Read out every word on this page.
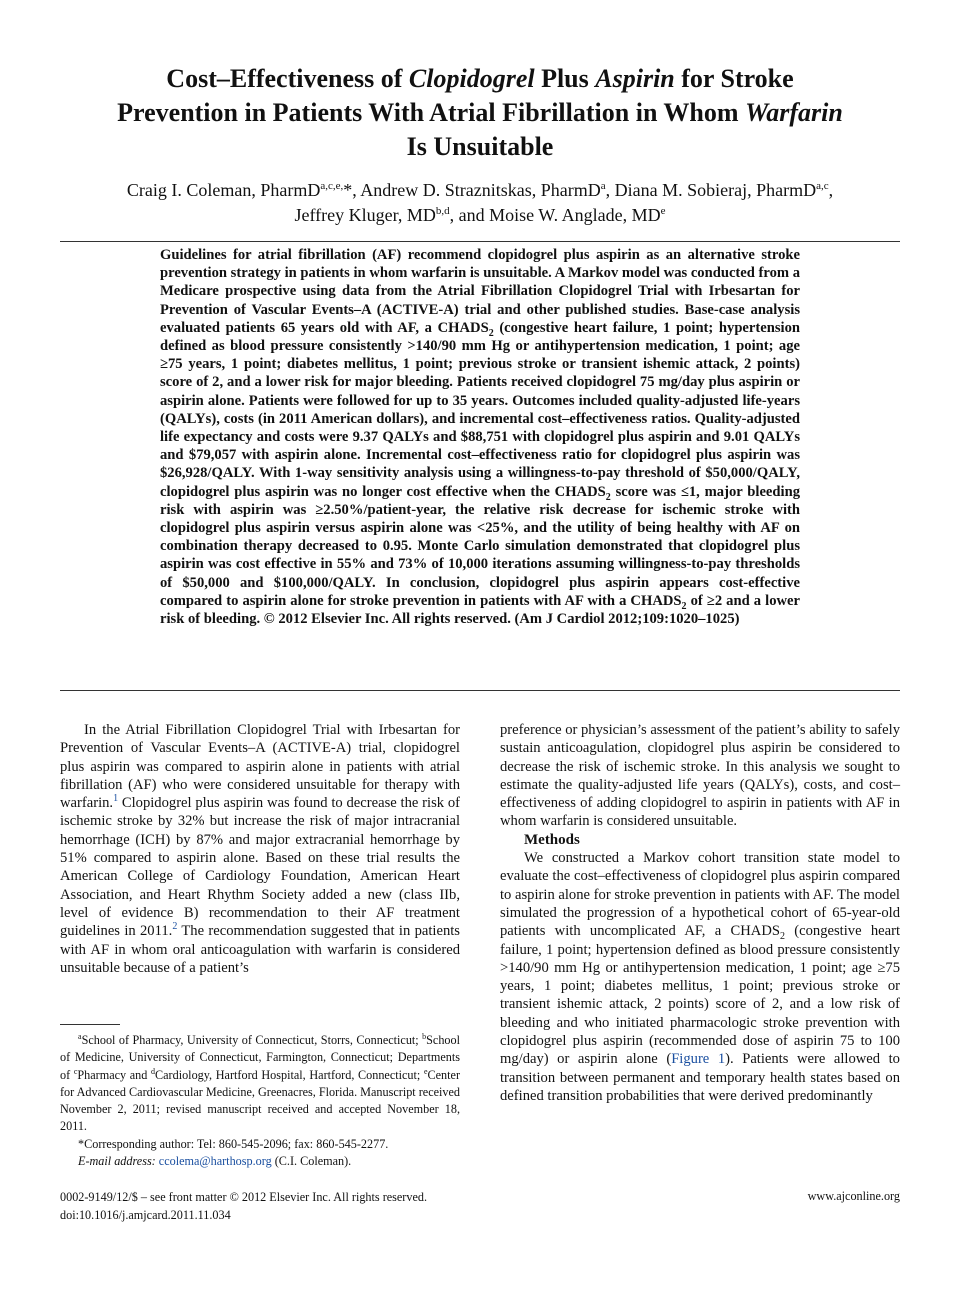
Cost–Effectiveness of Clopidogrel Plus Aspirin for Stroke
Prevention in Patients With Atrial Fibrillation in Whom Warfarin
Is Unsuitable
Craig I. Coleman, PharmD$^{a,c,e,}$*, Andrew D. Straznitskas, PharmD$^a$, Diana M. Sobieraj, PharmD$^{a,c}$,
Jeffrey Kluger, MD$^{b,d}$, and Moise W. Anglade, MDe

Guidelines for atrial fibrillation (AF) recommend clopidogrel plus aspirin as an alternative stroke prevention strategy in patients in whom warfarin is unsuitable. A Markov model was conducted from a Medicare prospective using data from the Atrial Fibrillation Clopidogrel Trial with Irbesartan for Prevention of Vascular Events–A (ACTIVE-A) trial and other published studies. Base-case analysis evaluated patients 65 years old with AF, a $CHADS_2$ (congestive heart failure, 1 point; hypertension defined as blood pressure consistently >140/90 mm Hg or antihypertension medication, 1 point; age ≥75 years, 1 point; diabetes mellitus, 1 point; previous stroke or transient ishemic attack, 2 points) score of 2, and a lower risk for major bleeding. Patients received clopidogrel 75 mg/day plus aspirin or aspirin alone. Patients were followed for up to 35 years. Outcomes included quality-adjusted life-years (QALYs), costs (in 2011 American dollars), and incremental cost–effectiveness ratios. Quality-adjusted life expectancy and costs were 9.37 QALYs and $88,751 with clopidogrel plus aspirin and 9.01 QALYs and $79,057 with aspirin alone. Incremental cost–effectiveness ratio for clopidogrel plus aspirin was $26,928/QALY. With 1-way sensitivity analysis using a willingness-to-pay threshold of $50,000/QALY, clopidogrel plus aspirin was no longer cost effective when the $CHADS_2$ score was ≤1, major bleeding risk with aspirin was ≥2.50%/patient-year, the relative risk decrease for ischemic stroke with clopidogrel plus aspirin versus aspirin alone was <25%, and the utility of being healthy with AF on combination therapy decreased to 0.95. Monte Carlo simulation demonstrated that clopidogrel plus aspirin was cost effective in 55% and 73% of 10,000 iterations assuming willingness-to-pay thresholds of $50,000 and $100,000/QALY. In conclusion, clopidogrel plus aspirin appears cost-effective compared to aspirin alone for stroke prevention in patients with AF with a $CHADS_2$ of ≥2 and a lower risk of bleeding. © 2012 Elsevier Inc. All rights reserved. (Am J Cardiol 2012;109:1020–1025)

In the Atrial Fibrillation Clopidogrel Trial with Irbesartan for Prevention of Vascular Events–A (ACTIVE-A) trial, clopidogrel plus aspirin was compared to aspirin alone in patients with atrial fibrillation (AF) who were considered unsuitable for therapy with warfarin.$^1$ Clopidogrel plus aspirin was found to decrease the risk of ischemic stroke by 32% but increase the risk of major intracranial hemorrhage (ICH) by 87% and major extracranial hemorrhage by 51% compared to aspirin alone. Based on these trial results the American College of Cardiology Foundation, American Heart Association, and Heart Rhythm Society added a new (class IIb, level of evidence B) recommendation to their AF treatment guidelines in 2011.$^2$ The recommendation suggested that in patients with AF in whom oral anticoagulation with warfarin is considered unsuitable because of a patient’s

$^a$School of Pharmacy, University of Connecticut, Storrs, Connecticut; $^b$School of Medicine, University of Connecticut, Farmington, Connecticut; Departments of $^c$Pharmacy and $^d$Cardiology, Hartford Hospital, Hartford, Connecticut; $^e$Center for Advanced Cardiovascular Medicine, Greenacres, Florida. Manuscript received November 2, 2011; revised manuscript received and accepted November 18, 2011.

*Corresponding author: Tel: 860-545-2096; fax: 860-545-2277.

E-mail address: ccolema@harthosp.org (C.I. Coleman).

preference or physician’s assessment of the patient’s ability to safely sustain anticoagulation, clopidogrel plus aspirin be considered to decrease the risk of ischemic stroke. In this analysis we sought to estimate the quality-adjusted life years (QALYs), costs, and cost–effectiveness of adding clopidogrel to aspirin in patients with AF in whom warfarin is considered unsuitable.

Methods

We constructed a Markov cohort transition state model to evaluate the cost–effectiveness of clopidogrel plus aspirin compared to aspirin alone for stroke prevention in patients with AF. The model simulated the progression of a hypothetical cohort of 65-year-old patients with uncomplicated AF, a $CHADS_2$ (congestive heart failure, 1 point; hypertension defined as blood pressure consistently >140/90 mm Hg or antihypertension medication, 1 point; age ≥75 years, 1 point; diabetes mellitus, 1 point; previous stroke or transient ishemic attack, 2 points) score of 2, and a low risk of bleeding and who initiated pharmacologic stroke prevention with clopidogrel plus aspirin (recommended dose of aspirin 75 to 100 mg/day) or aspirin alone (Figure 1). Patients were allowed to transition between permanent and temporary health states based on defined transition probabilities that were derived predominantly

0002-9149/12/$ – see front matter © 2012 Elsevier Inc. All rights reserved.
doi:10.1016/j.amjcard.2011.11.034
www.ajconline.org
